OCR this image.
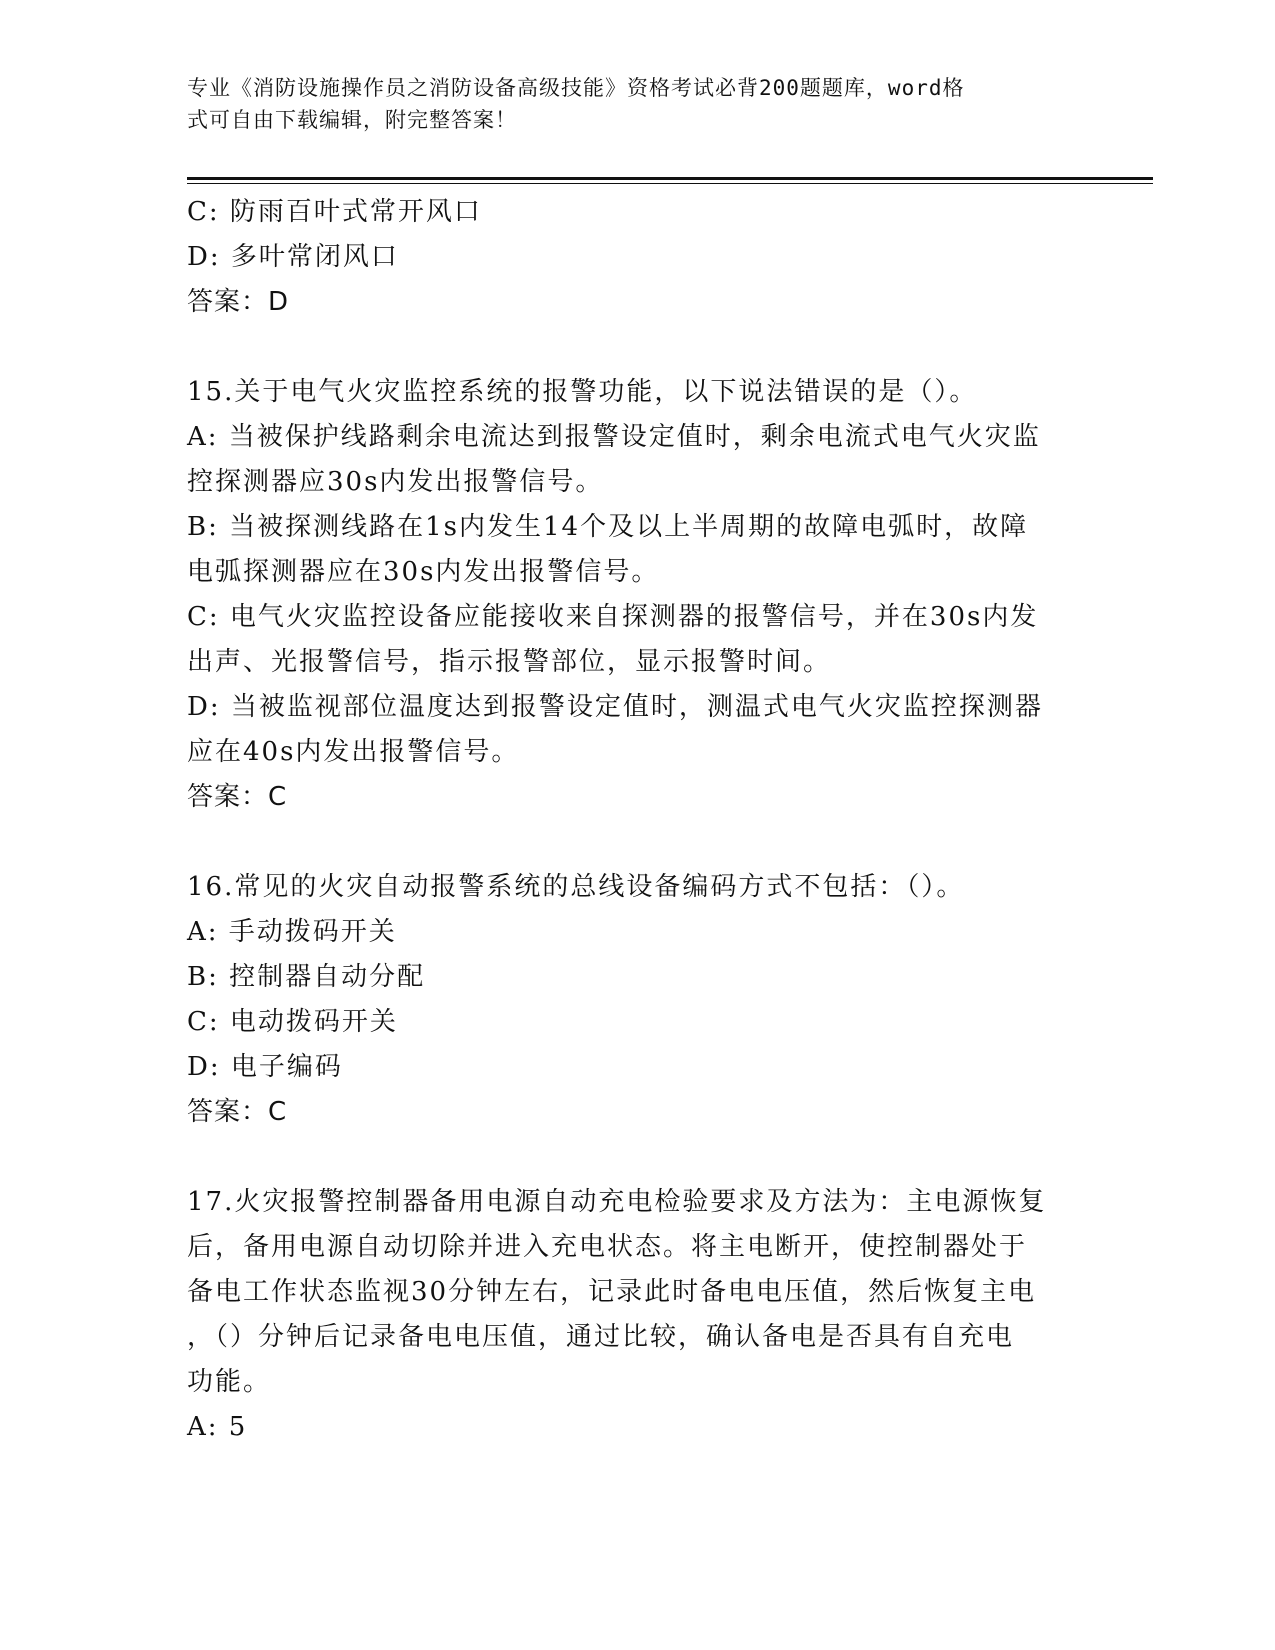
专业《消防设施操作员之消防设备高级技能》资格考试必背200题题库，word格
式可自由下载编辑，附完整答案！

C: 防雨百叶式常开风口

D: 多叶常闭风口

答案：D

15.关于电气火灾监控系统的报警功能，以下说法错误的是（）。

A: 当被保护线路剩余电流达到报警设定值时，剩余电流式电气火灾监

控探测器应30s内发出报警信号。

B: 当被探测线路在1s内发生14个及以上半周期的故障电弧时，故障

电弧探测器应在30s内发出报警信号。

C: 电气火灾监控设备应能接收来自探测器的报警信号，并在30s内发

出声、光报警信号，指示报警部位，显示报警时间。

D: 当被监视部位温度达到报警设定值时，测温式电气火灾监控探测器

应在40s内发出报警信号。

答案：C

16.常见的火灾自动报警系统的总线设备编码方式不包括：（）。

A: 手动拨码开关

B: 控制器自动分配

C: 电动拨码开关

D: 电子编码

答案：C

17.火灾报警控制器备用电源自动充电检验要求及方法为：主电源恢复

后，备用电源自动切除并进入充电状态。将主电断开，使控制器处于

备电工作状态监视30分钟左右，记录此时备电电压值，然后恢复主电

，（）分钟后记录备电电压值，通过比较，确认备电是否具有自充电

功能。

A: 5
